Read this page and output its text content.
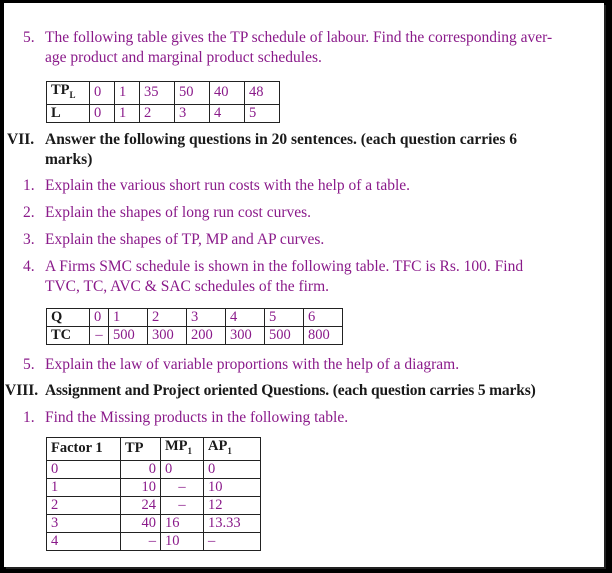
5. The following table gives the TP schedule of labour. Find the corresponding aver-
age product and marginal product schedules.
$TP_L$	0	1	35	50	40	48
L	0	1	2	3	4	5
VII. Answer the following questions in 20 sentences. (each question carries 6
marks)
1. Explain the various short run costs with the help of a table.
2. Explain the shapes of long run cost curves.
3. Explain the shapes of TP, MP and AP curves.
4. A Firms SMC schedule is shown in the following table. TFC is Rs. 100. Find
TVC, TC, AVC & SAC schedules of the firm.
Q	0	1	2	3	4	5	6
TC	–	500	300	200	300	500	800
5. Explain the law of variable proportions with the help of a diagram.
VIII. Assignment and Project oriented Questions. (each question carries 5 marks)
1. Find the Missing products in the following table.
Factor 1	TP	$MP_1$	$AP_1$
0	0	0	0
1	10	–	10
2	24	–	12
3	40	16	13.33
4	–	10	–
